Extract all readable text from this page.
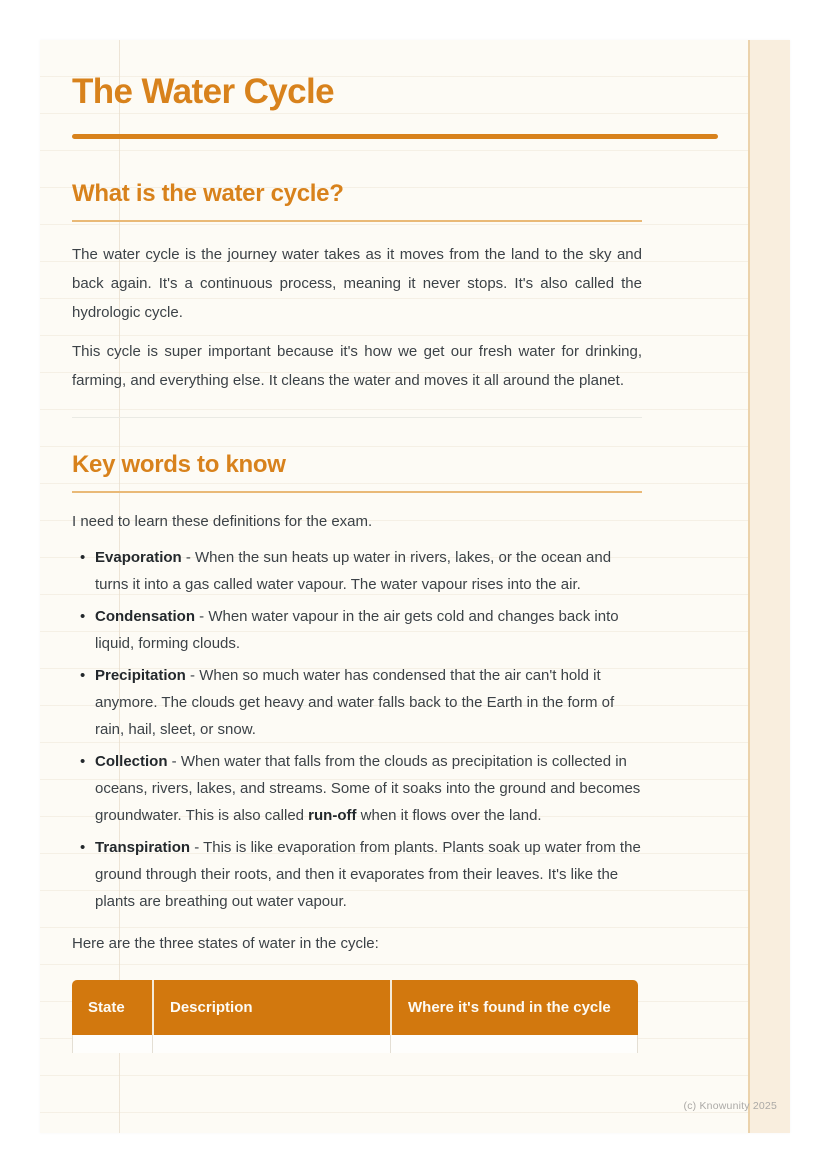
The Water Cycle
What is the water cycle?

The water cycle is the journey water takes as it moves from the land to the sky and back again. It's a continuous process, meaning it never stops. It's also called the hydrologic cycle.

This cycle is super important because it's how we get our fresh water for drinking, farming, and everything else. It cleans the water and moves it all around the planet.

Key words to know

I need to learn these definitions for the exam.

• Evaporation - When the sun heats up water in rivers, lakes, or the ocean and turns it into a gas called water vapour. The water vapour rises into the air.
• Condensation - When water vapour in the air gets cold and changes back into liquid, forming clouds.
• Precipitation - When so much water has condensed that the air can't hold it anymore. The clouds get heavy and water falls back to the Earth in the form of rain, hail, sleet, or snow.
• Collection - When water that falls from the clouds as precipitation is collected in oceans, rivers, lakes, and streams. Some of it soaks into the ground and becomes groundwater. This is also called run-off when it flows over the land.
• Transpiration - This is like evaporation from plants. Plants soak up water from the ground through their roots, and then it evaporates from their leaves. It's like the plants are breathing out water vapour.

Here are the three states of water in the cycle:

State	Description	Where it's found in the cycle
(c) Knowunity 2025
